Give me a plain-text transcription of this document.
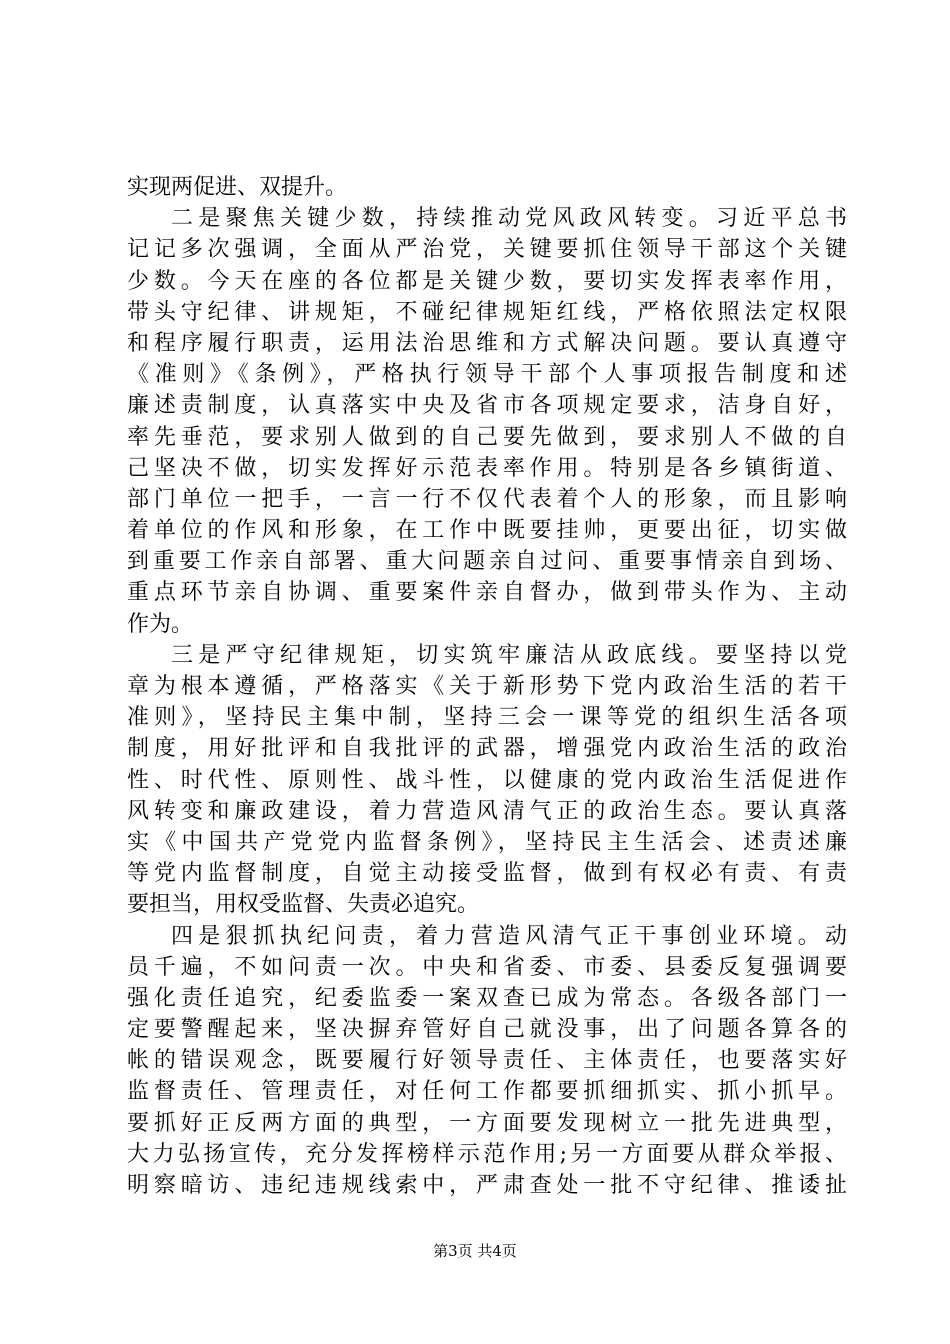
实现两促进、双提升。
二是聚焦关键少数，持续推动党风政风转变。习近平总书
记记多次强调，全面从严治党，关键要抓住领导干部这个关键
少数。今天在座的各位都是关键少数，要切实发挥表率作用，
带头守纪律、讲规矩，不碰纪律规矩红线，严格依照法定权限
和程序履行职责，运用法治思维和方式解决问题。要认真遵守
《准则》《条例》，严格执行领导干部个人事项报告制度和述
廉述责制度，认真落实中央及省市各项规定要求，洁身自好，
率先垂范，要求别人做到的自己要先做到，要求别人不做的自
己坚决不做，切实发挥好示范表率作用。特别是各乡镇街道、
部门单位一把手，一言一行不仅代表着个人的形象，而且影响
着单位的作风和形象，在工作中既要挂帅，更要出征，切实做
到重要工作亲自部署、重大问题亲自过问、重要事情亲自到场、
重点环节亲自协调、重要案件亲自督办，做到带头作为、主动
作为。
三是严守纪律规矩，切实筑牢廉洁从政底线。要坚持以党
章为根本遵循，严格落实《关于新形势下党内政治生活的若干
准则》，坚持民主集中制，坚持三会一课等党的组织生活各项
制度，用好批评和自我批评的武器，增强党内政治生活的政治
性、时代性、原则性、战斗性，以健康的党内政治生活促进作
风转变和廉政建设，着力营造风清气正的政治生态。要认真落
实《中国共产党党内监督条例》，坚持民主生活会、述责述廉
等党内监督制度，自觉主动接受监督，做到有权必有责、有责
要担当，用权受监督、失责必追究。
四是狠抓执纪问责，着力营造风清气正干事创业环境。动
员千遍，不如问责一次。中央和省委、市委、县委反复强调要
强化责任追究，纪委监委一案双查已成为常态。各级各部门一
定要警醒起来，坚决摒弃管好自己就没事，出了问题各算各的
帐的错误观念，既要履行好领导责任、主体责任，也要落实好
监督责任、管理责任，对任何工作都要抓细抓实、抓小抓早。
要抓好正反两方面的典型，一方面要发现树立一批先进典型，
大力弘扬宣传，充分发挥榜样示范作用;另一方面要从群众举报、
明察暗访、违纪违规线索中，严肃查处一批不守纪律、推诿扯
第3页 共4页
